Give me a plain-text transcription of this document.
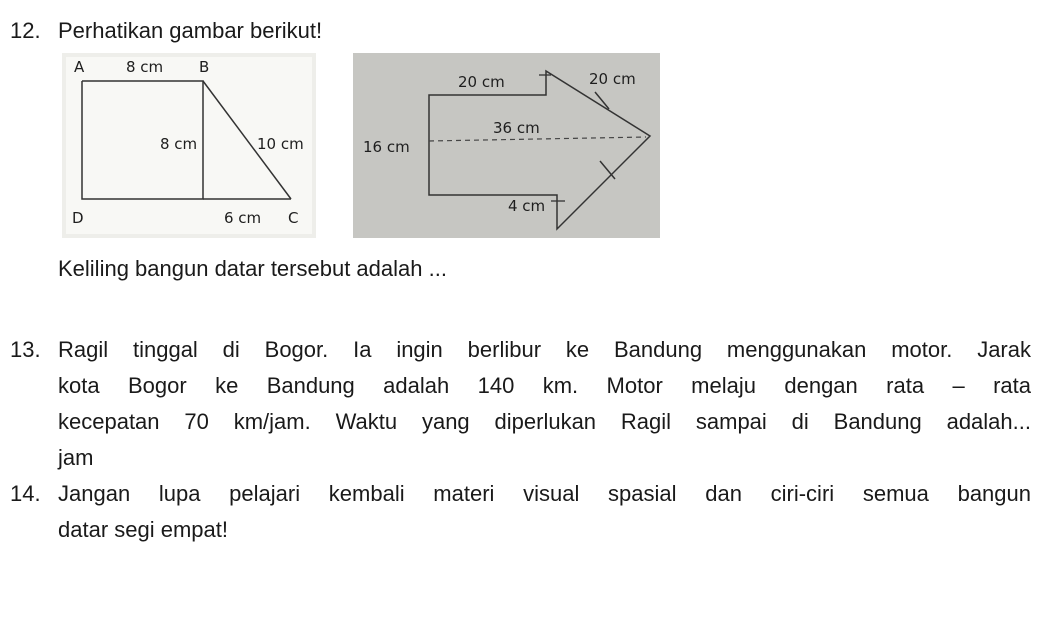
12. Perhatikan gambar berikut!
A	8 cm B
8 cm	10 cm
D	6 cm C
20 cm	20 cm
36 cm
16 cm
4 cm
Keliling bangun datar tersebut adalah ...
13. Ragil tinggal di Bogor. Ia ingin berlibur ke Bandung menggunakan motor. Jarak
kota Bogor ke Bandung adalah 140 km. Motor melaju dengan rata – rata
kecepatan 70 km/jam. Waktu yang diperlukan Ragil sampai di Bandung adalah...
jam
14. Jangan lupa pelajari kembali materi visual spasial dan ciri-ciri semua bangun
datar segi empat!
